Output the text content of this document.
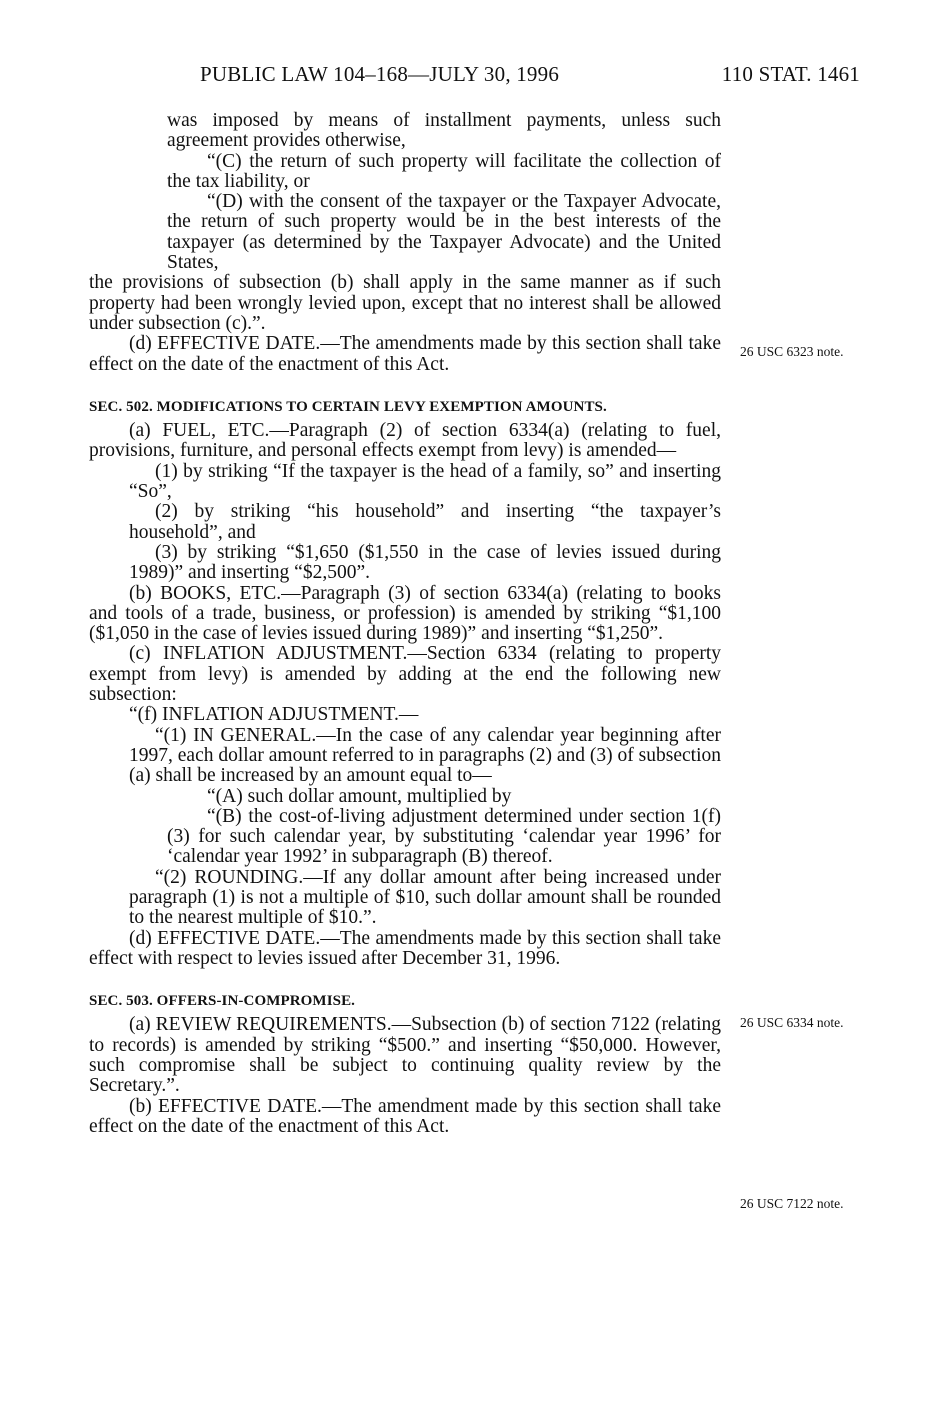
PUBLIC LAW 104–168—JULY 30, 1996	110 STAT. 1461

was imposed by means of installment payments, unless such agreement provides otherwise,

“(C) the return of such property will facilitate the collection of the tax liability, or

“(D) with the consent of the taxpayer or the Taxpayer Advocate, the return of such property would be in the best interests of the taxpayer (as determined by the Taxpayer Advocate) and the United States,

the provisions of subsection (b) shall apply in the same manner as if such property had been wrongly levied upon, except that no interest shall be allowed under subsection (c).”.

(d) EFFECTIVE DATE.—The amendments made by this section shall take effect on the date of the enactment of this Act.

SEC. 502. MODIFICATIONS TO CERTAIN LEVY EXEMPTION AMOUNTS.

(a) FUEL, ETC.—Paragraph (2) of section 6334(a) (relating to fuel, provisions, furniture, and personal effects exempt from levy) is amended—

(1) by striking “If the taxpayer is the head of a family, so” and inserting “So”,

(2) by striking “his household” and inserting “the taxpayer’s household”, and

(3) by striking “$1,650 ($1,550 in the case of levies issued during 1989)” and inserting “$2,500”.

(b) BOOKS, ETC.—Paragraph (3) of section 6334(a) (relating to books and tools of a trade, business, or profession) is amended by striking “$1,100 ($1,050 in the case of levies issued during 1989)” and inserting “$1,250”.

(c) INFLATION ADJUSTMENT.—Section 6334 (relating to property exempt from levy) is amended by adding at the end the following new subsection:

“(f) INFLATION ADJUSTMENT.—

“(1) IN GENERAL.—In the case of any calendar year beginning after 1997, each dollar amount referred to in paragraphs (2) and (3) of subsection (a) shall be increased by an amount equal to—

“(A) such dollar amount, multiplied by

“(B) the cost-of-living adjustment determined under section 1(f)(3) for such calendar year, by substituting ‘calendar year 1996’ for ‘calendar year 1992’ in subparagraph (B) thereof.

“(2) ROUNDING.—If any dollar amount after being increased under paragraph (1) is not a multiple of $10, such dollar amount shall be rounded to the nearest multiple of $10.”.

(d) EFFECTIVE DATE.—The amendments made by this section shall take effect with respect to levies issued after December 31, 1996.

SEC. 503. OFFERS-IN-COMPROMISE.

(a) REVIEW REQUIREMENTS.—Subsection (b) of section 7122 (relating to records) is amended by striking “$500.” and inserting “$50,000. However, such compromise shall be subject to continuing quality review by the Secretary.”.

(b) EFFECTIVE DATE.—The amendment made by this section shall take effect on the date of the enactment of this Act.

26 USC 6323 note.
26 USC 6334 note.
26 USC 7122 note.
